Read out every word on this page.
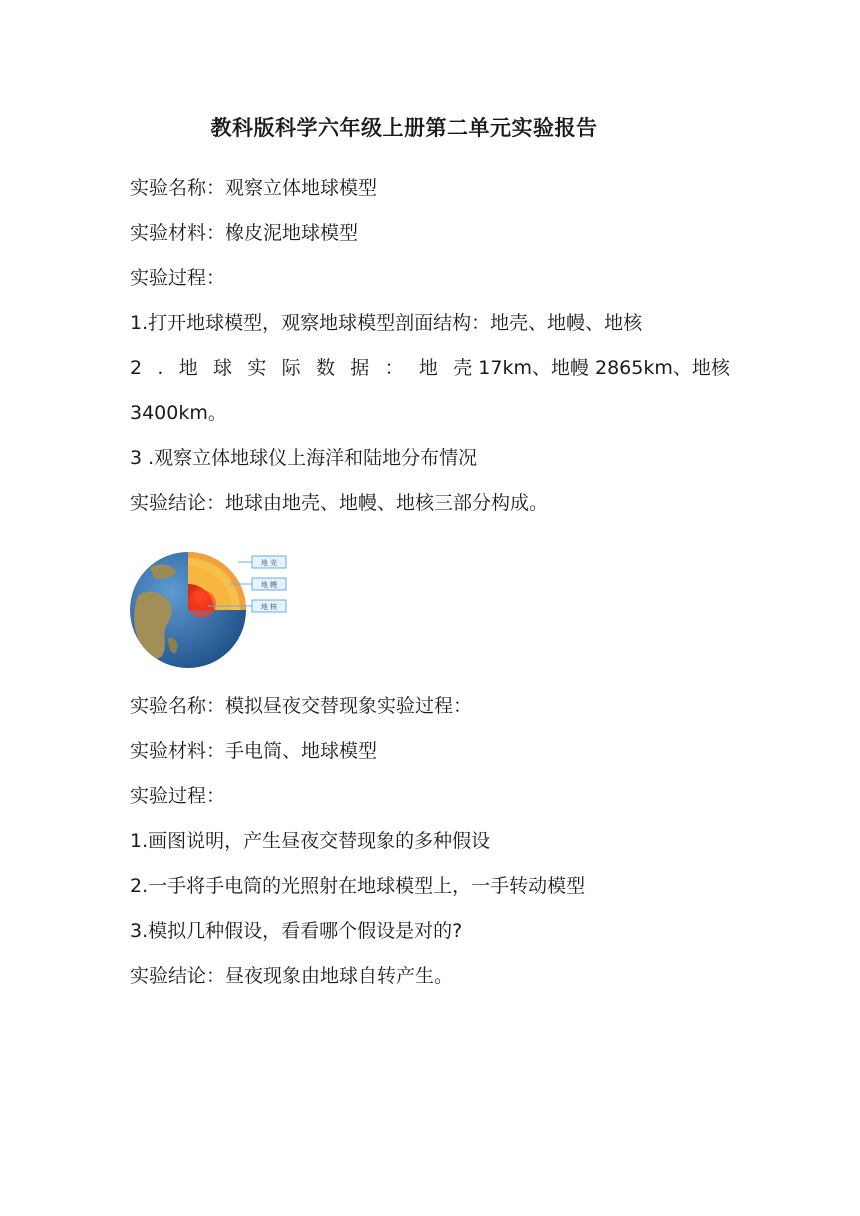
教科版科学六年级上册第二单元实验报告
实验名称：观察立体地球模型
实验材料：橡皮泥地球模型
实验过程：
1.打开地球模型，观察地球模型剖面结构：地壳、地幔、地核
2 . 地 球 实 际 数 据 ： 地 壳 17km、地幔 2865km、地核
3400km。
3 .观察立体地球仪上海洋和陆地分布情况
实验结论：地球由地壳、地幔、地核三部分构成。
地 壳
地 幔
地 核
实验名称：模拟昼夜交替现象实验过程：
实验材料：手电筒、地球模型
实验过程：
1.画图说明，产生昼夜交替现象的多种假设
2.一手将手电筒的光照射在地球模型上，一手转动模型
3.模拟几种假设，看看哪个假设是对的?
实验结论：昼夜现象由地球自转产生。
